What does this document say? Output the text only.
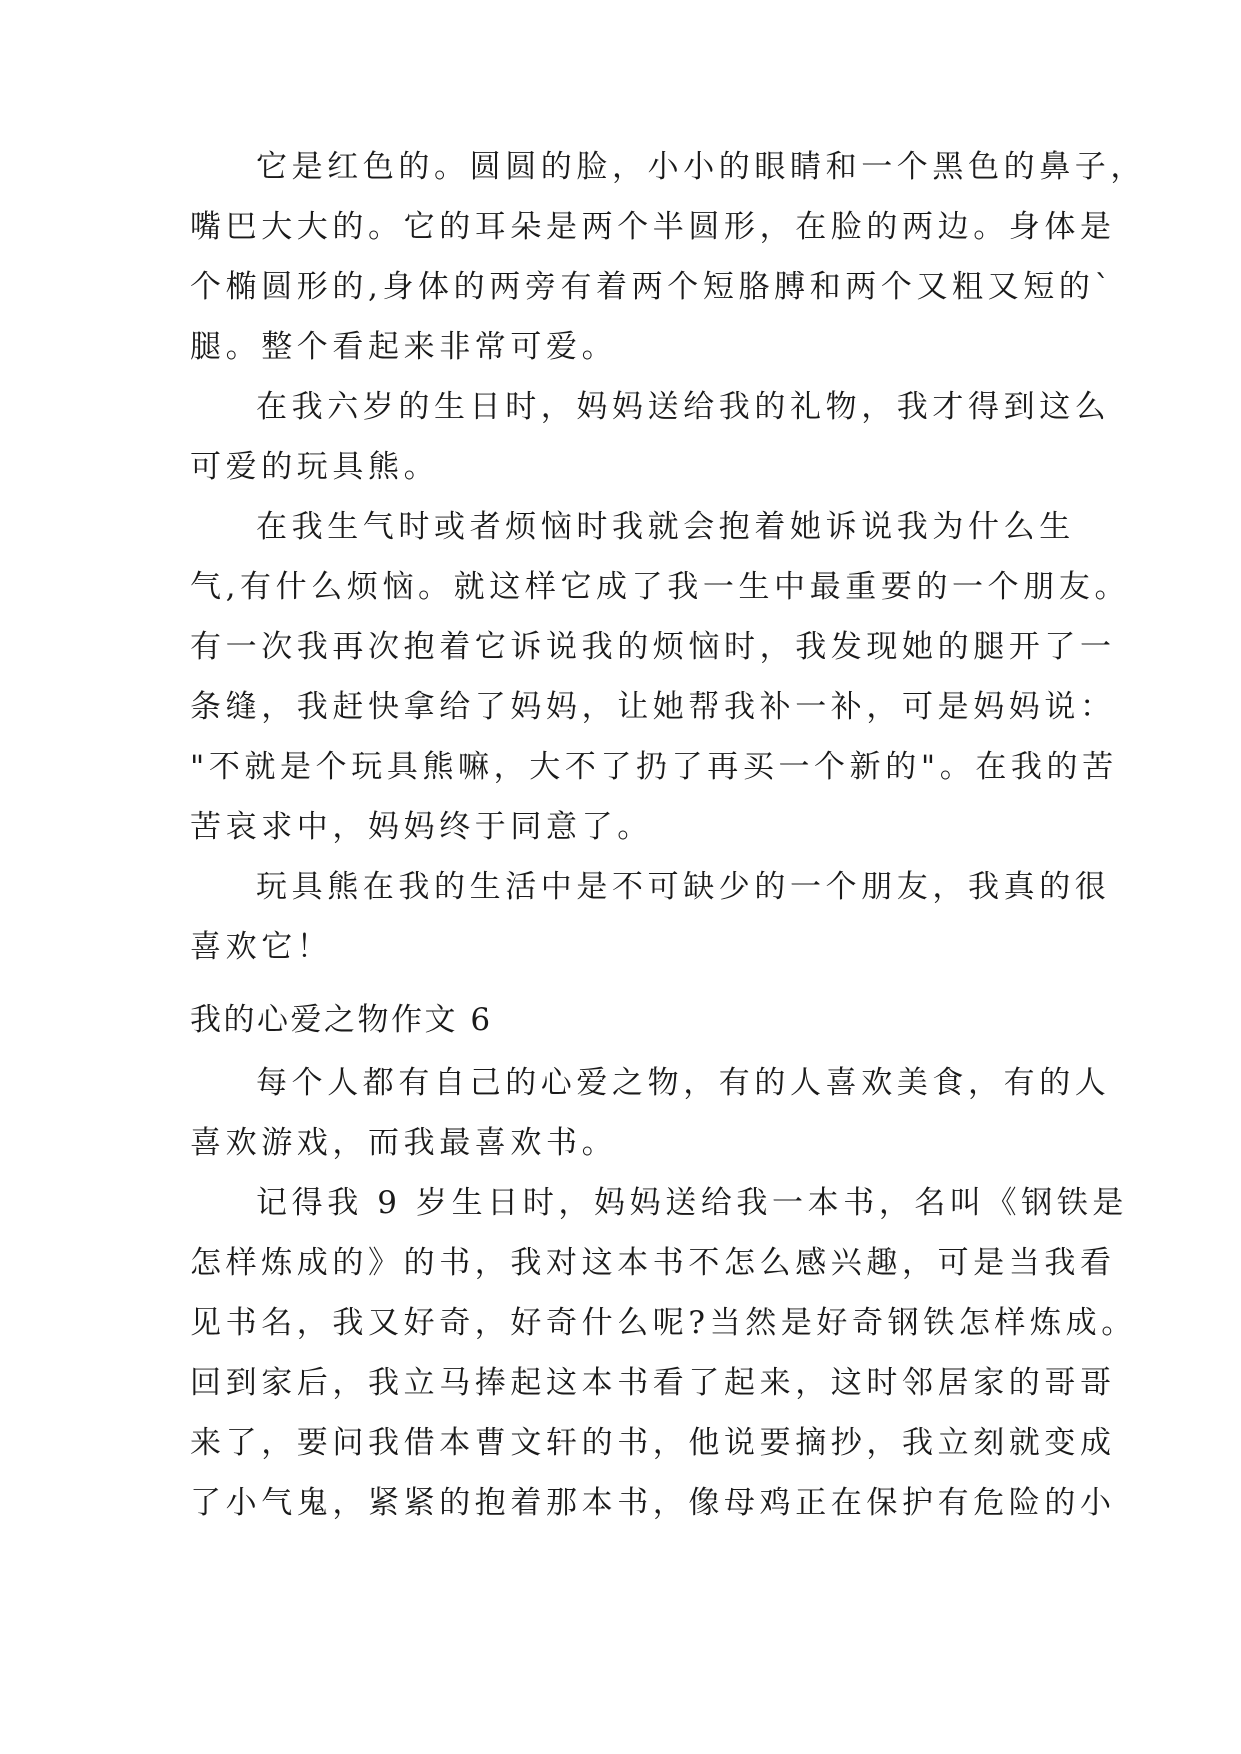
它是红色的。圆圆的脸，小小的眼睛和一个黑色的鼻子，
嘴巴大大的。它的耳朵是两个半圆形，在脸的两边。身体是
个椭圆形的,身体的两旁有着两个短胳膊和两个又粗又短的`
腿。整个看起来非常可爱。
在我六岁的生日时，妈妈送给我的礼物，我才得到这么
可爱的玩具熊。
在我生气时或者烦恼时我就会抱着她诉说我为什么生
气,有什么烦恼。就这样它成了我一生中最重要的一个朋友。
有一次我再次抱着它诉说我的烦恼时，我发现她的腿开了一
条缝，我赶快拿给了妈妈，让她帮我补一补，可是妈妈说：
"不就是个玩具熊嘛，大不了扔了再买一个新的"。在我的苦
苦哀求中，妈妈终于同意了。
玩具熊在我的生活中是不可缺少的一个朋友，我真的很
喜欢它！
我的心爱之物作文 6
每个人都有自己的心爱之物，有的人喜欢美食，有的人
喜欢游戏，而我最喜欢书。
记得我 9 岁生日时，妈妈送给我一本书，名叫《钢铁是
怎样炼成的》的书，我对这本书不怎么感兴趣，可是当我看
见书名，我又好奇，好奇什么呢?当然是好奇钢铁怎样炼成。
回到家后，我立马捧起这本书看了起来，这时邻居家的哥哥
来了，要问我借本曹文轩的书，他说要摘抄，我立刻就变成
了小气鬼，紧紧的抱着那本书，像母鸡正在保护有危险的小
